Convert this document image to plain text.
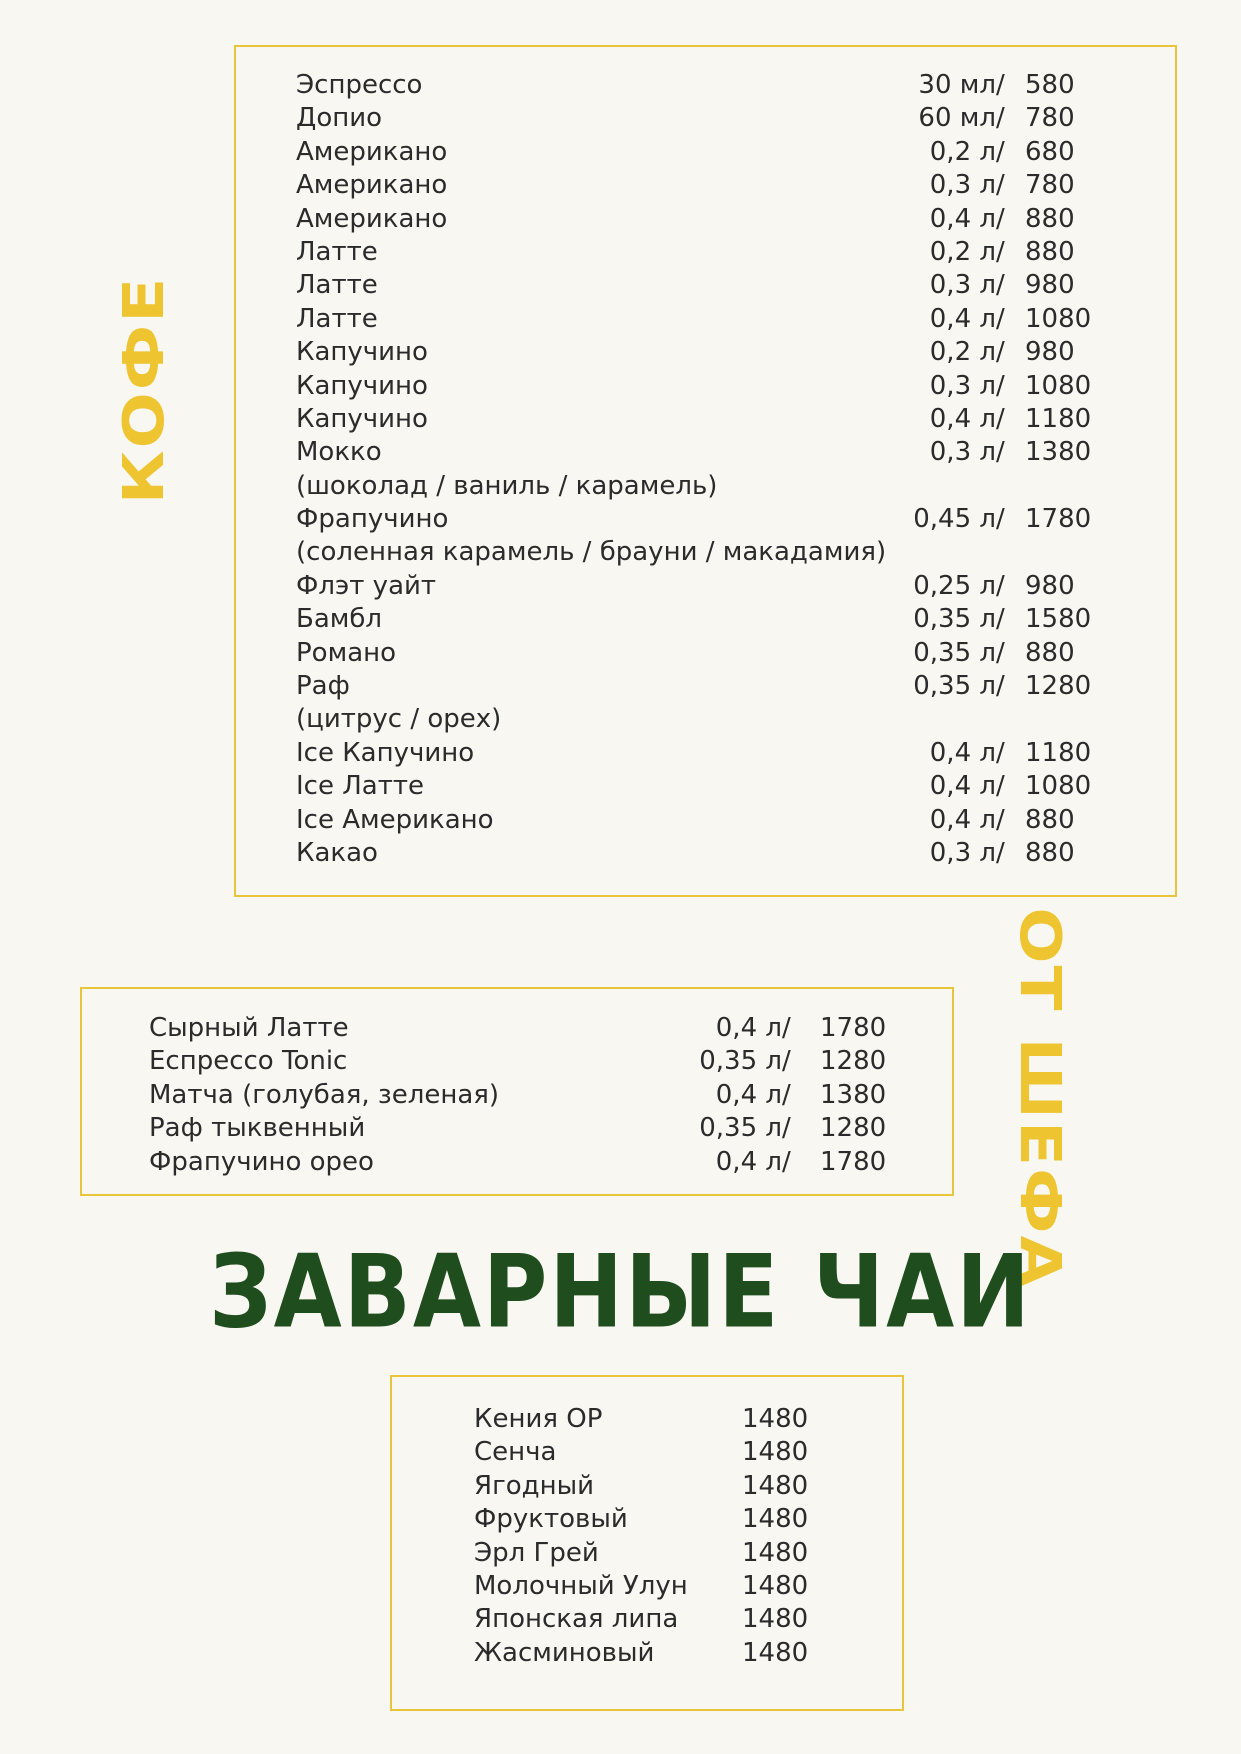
КОФЕ
Эспрессо	30 мл / 580
Допио	60 мл / 780
Американо	0,2 л / 680
Американо	0,3 л / 780
Американо	0,4 л / 880
Латте	0,2 л / 880
Латте	0,3 л / 980
Латте	0,4 л / 1080
Капучино	0,2 л / 980
Капучино	0,3 л / 1080
Капучино	0,4 л / 1180
Мокко	0,3 л / 1380
(шоколад / ваниль / карамель)
Фрапучино	0,45 л / 1780
(соленная карамель / брауни / макадамия)
Флэт уайт	0,25 л / 980
Бамбл	0,35 л / 1580
Романо	0,35 л / 880
Раф	0,35 л / 1280
(цитрус / орех)
Ice Капучино	0,4 л / 1180
Ice Латте	0,4 л / 1080
Ice Американо	0,4 л / 880
Какао	0,3 л / 880
Сырный Латте	0,4 л / 1780
Еспрессо Tonic	0,35 л / 1280
Матча (голубая, зеленая)	0,4 л / 1380
Раф тыквенный	0,35 л / 1280
Фрапучино орео	0,4 л / 1780 ОТ ШЕФА
ЗАВАРНЫЕ ЧАИ
Кения ОР	1480
Сенча	1480
Ягодный	1480
Фруктовый	1480
Эрл Грей	1480
Молочный Улун 1480
Японская липа 1480
Жасминовый	1480
